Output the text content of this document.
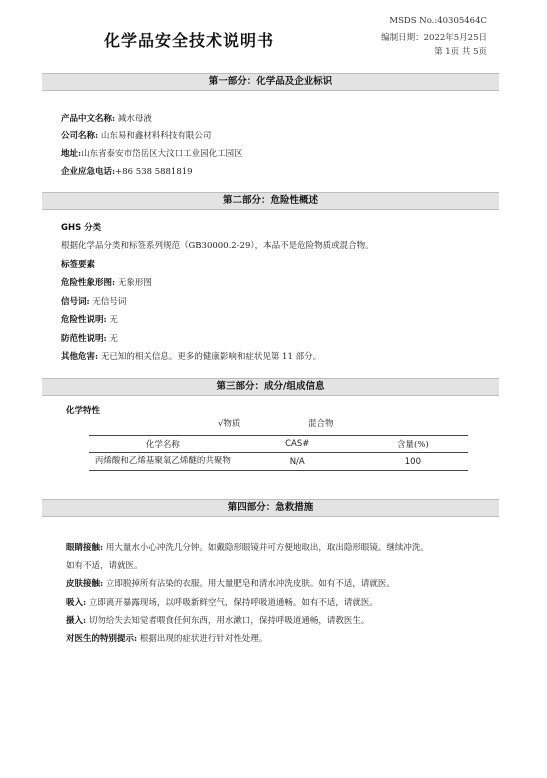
化学品安全技术说明书
MSDS No.:40305464C
编制日期：2022年5月25日
第 1页 共 5页
第一部分：化学品及企业标识
产品中文名称: 减水母液
公司名称: 山东易和鑫材料科技有限公司
地址:山东省泰安市岱岳区大汶口工业园化工园区
企业应急电话:+86 538 5881819
第二部分：危险性概述
GHS 分类
根据化学品分类和标签系列规范（GB30000.2-29），本品不是危险物质或混合物。
标签要素
危险性象形图: 无象形图
信号词: 无信号词
危险性说明: 无
防范性说明: 无
其他危害: 无已知的相关信息。更多的健康影响和症状见第 11 部分。
第三部分：成分/组成信息
化学特性
√物质	混合物
化学名称	CAS#	含量(%)
丙烯酸和乙烯基聚氧乙烯醚的共聚物	N/A	100
第四部分：急救措施
眼睛接触: 用大量水小心冲洗几分钟。如戴隐形眼镜并可方便地取出，取出隐形眼镜。继续冲洗。
如有不适，请就医。
皮肤接触: 立即脱掉所有沾染的衣服。用大量肥皂和清水冲洗皮肤。如有不适，请就医。
吸入: 立即离开暴露现场，以呼吸新鲜空气，保持呼吸道通畅。如有不适，请就医。
摄入: 切勿给失去知觉者喂食任何东西，用水漱口，保持呼吸道通畅，请教医生。
对医生的特别提示: 根据出现的症状进行针对性处理。
